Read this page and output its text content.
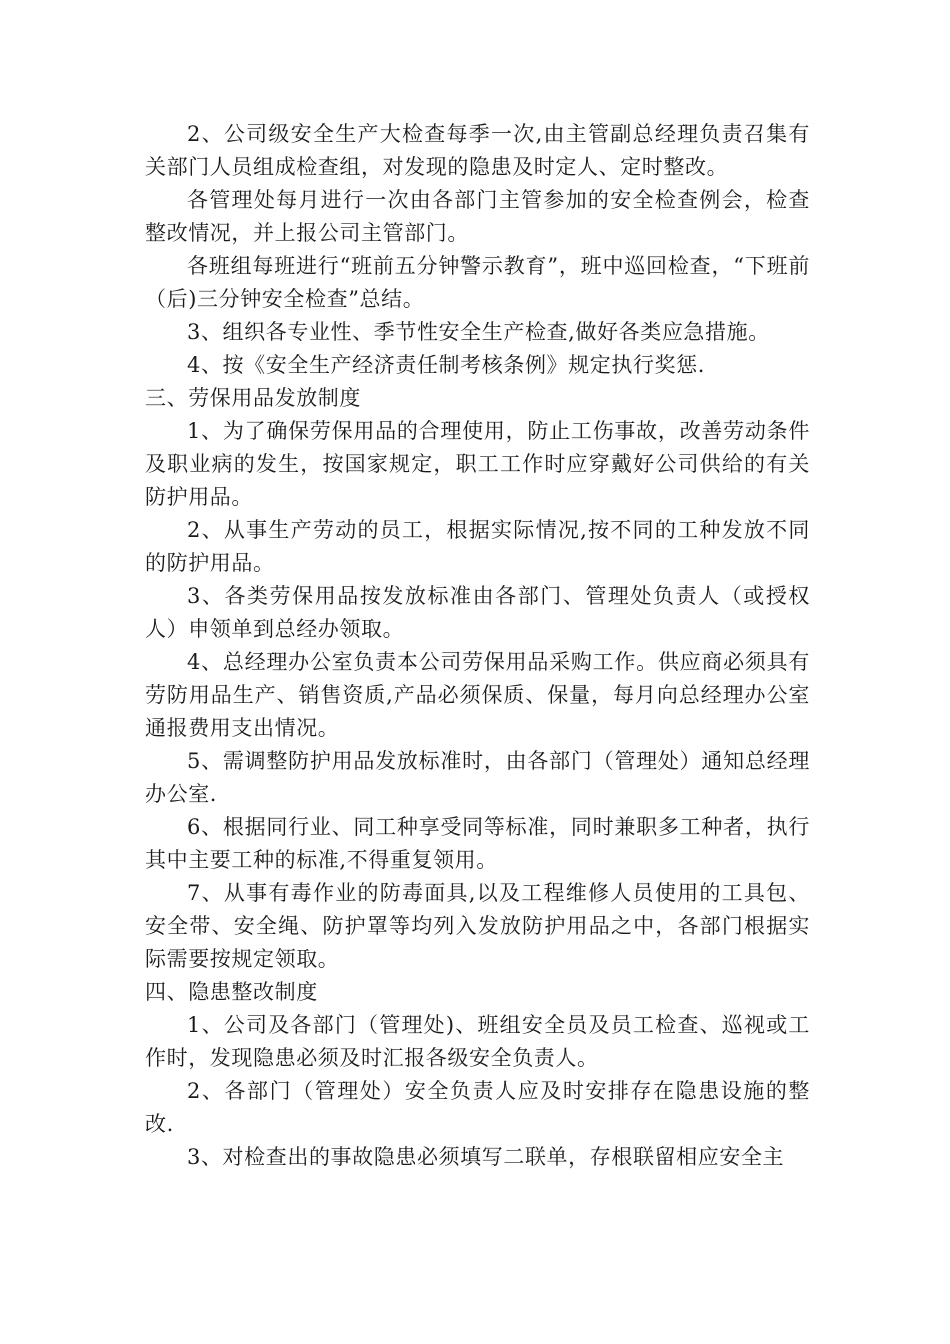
2、公司级安全生产大检查每季一次,由主管副总经理负责召集有关部门人员组成检查组，对发现的隐患及时定人、定时整改。

各管理处每月进行一次由各部门主管参加的安全检查例会，检查整改情况，并上报公司主管部门。

各班组每班进行“班前五分钟警示教育”，班中巡回检查，“下班前（后)三分钟安全检查”总结。

3、组织各专业性、季节性安全生产检查,做好各类应急措施。

4、按《安全生产经济责任制考核条例》规定执行奖惩.

三、劳保用品发放制度

1、为了确保劳保用品的合理使用，防止工伤事故，改善劳动条件及职业病的发生，按国家规定，职工工作时应穿戴好公司供给的有关防护用品。

2、从事生产劳动的员工，根据实际情况,按不同的工种发放不同的防护用品。

3、各类劳保用品按发放标准由各部门、管理处负责人（或授权人）申领单到总经办领取。

4、总经理办公室负责本公司劳保用品采购工作。供应商必须具有劳防用品生产、销售资质,产品必须保质、保量，每月向总经理办公室通报费用支出情况。

5、需调整防护用品发放标准时，由各部门（管理处）通知总经理办公室.

6、根据同行业、同工种享受同等标准，同时兼职多工种者，执行其中主要工种的标准,不得重复领用。

7、从事有毒作业的防毒面具,以及工程维修人员使用的工具包、安全带、安全绳、防护罩等均列入发放防护用品之中，各部门根据实际需要按规定领取。

四、隐患整改制度

1、公司及各部门（管理处)、班组安全员及员工检查、巡视或工作时，发现隐患必须及时汇报各级安全负责人。

2、各部门（管理处）安全负责人应及时安排存在隐患设施的整改.

3、对检查出的事故隐患必须填写二联单，存根联留相应安全主
